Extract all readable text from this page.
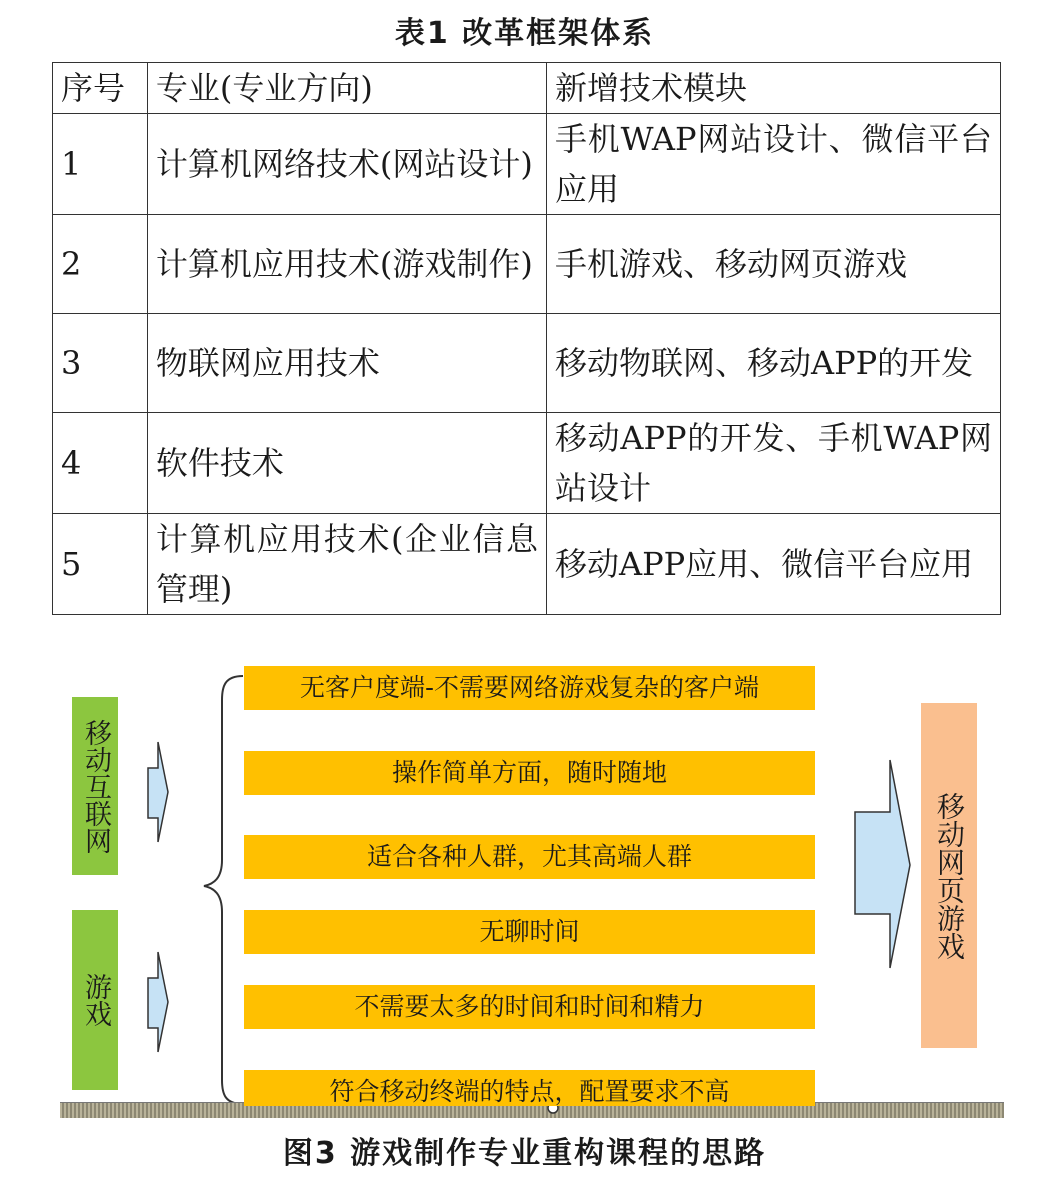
表1 改革框架体系
序号	专业(专业方向)	新增技术模块
1	计算机网络技术(网站设计)	手机WAP网站设计、微信平台应用
2	计算机应用技术(游戏制作)	手机游戏、移动网页游戏
3	物联网应用技术	移动物联网、移动APP的开发
4	软件技术	移动APP的开发、手机WAP网站设计
5	计算机应用技术(企业信息管理)	移动APP应用、微信平台应用
移动互联网
游戏
无客户度端-不需要网络游戏复杂的客户端
操作简单方面，随时随地
适合各种人群，尤其高端人群
无聊时间
不需要太多的时间和时间和精力
符合移动终端的特点，配置要求不高
移动网页游戏
图3 游戏制作专业重构课程的思路
